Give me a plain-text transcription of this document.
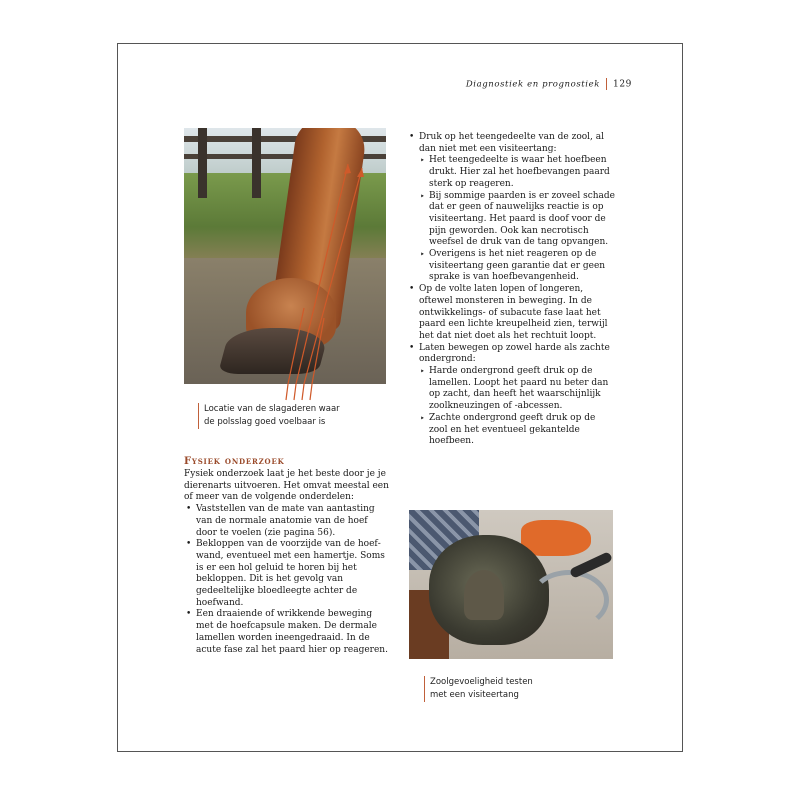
Diagnostiek en prognostiek 129
Locatie van de slagaderen waar
de polsslag goed voelbaar is
Fysiek onderzoek

Fysiek onderzoek laat je het beste door je je dierenarts uitvoeren. Het omvat meestal een of meer van de volgende onderdelen:

• Vaststellen van de mate van aantasting van de normale anatomie van de hoef door te voelen (zie pagina 56).
• Bekloppen van de voorzijde van de hoefwand, eventueel met een hamertje. Soms is er een hol geluid te horen bij het bekloppen. Dit is het gevolg van gedeeltelijke bloedleegte achter de hoefwand.
• Een draaiende of wrikkende beweging met de hoefcapsule maken. De dermale lamellen worden ineengedraaid. In de acute fase zal het paard hier op reageren.
• Druk op het teengedeelte van de zool, al dan niet met een visiteertang:
‣ Het teengedeelte is waar het hoefbeen drukt. Hier zal het hoefbevangen paard sterk op reageren.
‣ Bij sommige paarden is er zoveel schade dat er geen of nauwelijks reactie is op visiteertang. Het paard is doof voor de pijn geworden. Ook kan necrotisch weefsel de druk van de tang opvangen.
‣ Overigens is het niet reageren op de visiteertang geen garantie dat er geen sprake is van hoefbevangenheid.
• Op de volte laten lopen of longeren, oftewel monsteren in beweging. In de ontwikkelings- of subacute fase laat het paard een lichte kreupelheid zien, terwijl het dat niet doet als het rechtuit loopt.
• Laten bewegen op zowel harde als zachte ondergrond:
‣ Harde ondergrond geeft druk op de lamellen. Loopt het paard nu beter dan op zacht, dan heeft het waarschijnlijk zoolkneuzingen of -abcessen.
‣ Zachte ondergrond geeft druk op de zool en het eventueel gekantelde hoefbeen.
Zoolgevoeligheid testen
met een visiteertang
